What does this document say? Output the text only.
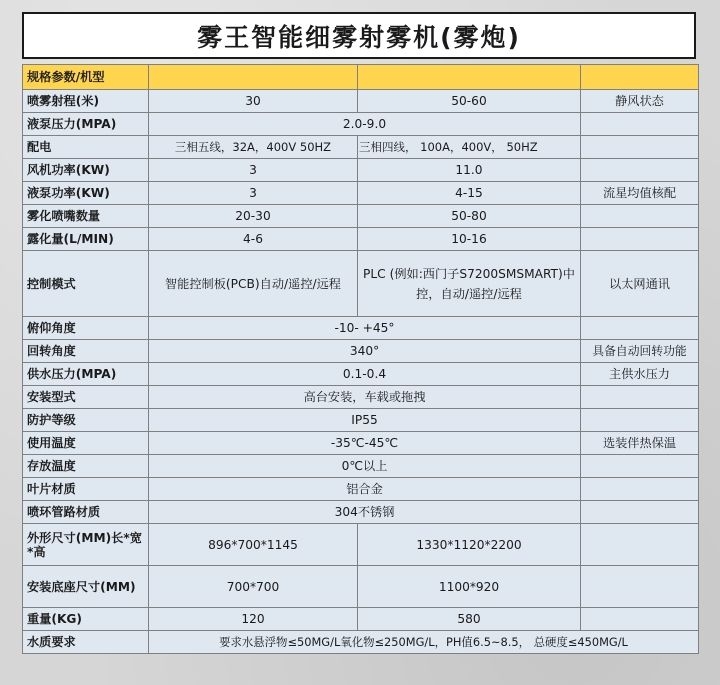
雾王智能细雾射雾机(雾炮)
规格参数/机型			
喷雾射程(米)	30	50-60	静风状态
液泵压力(MPA)	2.0-9.0		
配电	三相五线，32A，400V 50HZ	三相四线， 100A，400V， 50HZ	
风机功率(KW)	3	11.0	
液泵功率(KW)	3	4-15	流星均值核配
雾化喷嘴数量	20-30	50-80	
露化量(L/MIN)	4-6	10-16	
控制模式	智能控制板(PCB)自动/遥控/远程	PLC (例如:西门子S7200SMSMART)中控，自动/遥控/远程	以太网通讯
俯仰角度	-10- +45°		
回转角度	340°		具备自动回转功能
供水压力(MPA)	0.1-0.4		主供水压力
安装型式	高台安装，车载或拖拽		
防护等级	IP55		
使用温度	-35℃-45℃		选装伴热保温
存放温度	0℃以上		
叶片材质	铝合金		
喷环管路材质	304不锈钢		
外形尺寸(MM)长*宽*高	896*700*1145	1330*1120*2200	
安装底座尺寸(MM)	700*700	1100*920	
重量(KG)	120	580	
水质要求	要求水悬浮物≤50MG/L氧化物≤250MG/L，PH值6.5~8.5， 总硬度≤450MG/L		
